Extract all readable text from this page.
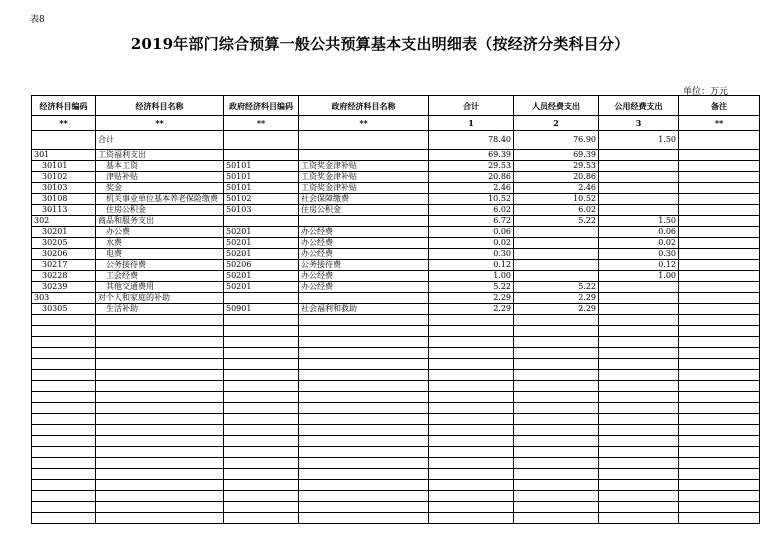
表8
2019年部门综合预算一般公共预算基本支出明细表（按经济分类科目分）
单位：万元
经济科目编码	经济科目名称	政府经济科目编码	政府经济科目名称	合计	人员经费支出	公用经费支出	备注
**	**	**	**	1	2	3	**
	合计			78.40	76.90	1.50	
301	工资福利支出			69.39	69.39		
30101	基本工资	50101	工资奖金津补贴	29.53	29.53		
30102	津贴补贴	50101	工资奖金津补贴	20.86	20.86		
30103	奖金	50101	工资奖金津补贴	2.46	2.46		
30108	机关事业单位基本养老保险缴费	50102	社会保障缴费	10.52	10.52		
30113	住房公积金	50103	住房公积金	6.02	6.02		
302	商品和服务支出			6.72	5.22	1.50	
30201	办公费	50201	办公经费	0.06		0.06	
30205	水费	50201	办公经费	0.02		0.02	
30206	电费	50201	办公经费	0.30		0.30	
30217	公务接待费	50206	公务接待费	0.12		0.12	
30228	工会经费	50201	办公经费	1.00		1.00	
30239	其他交通费用	50201	办公经费	5.22	5.22		
303	对个人和家庭的补助			2.29	2.29		
30305	生活补助	50901	社会福利和救助	2.29	2.29		
